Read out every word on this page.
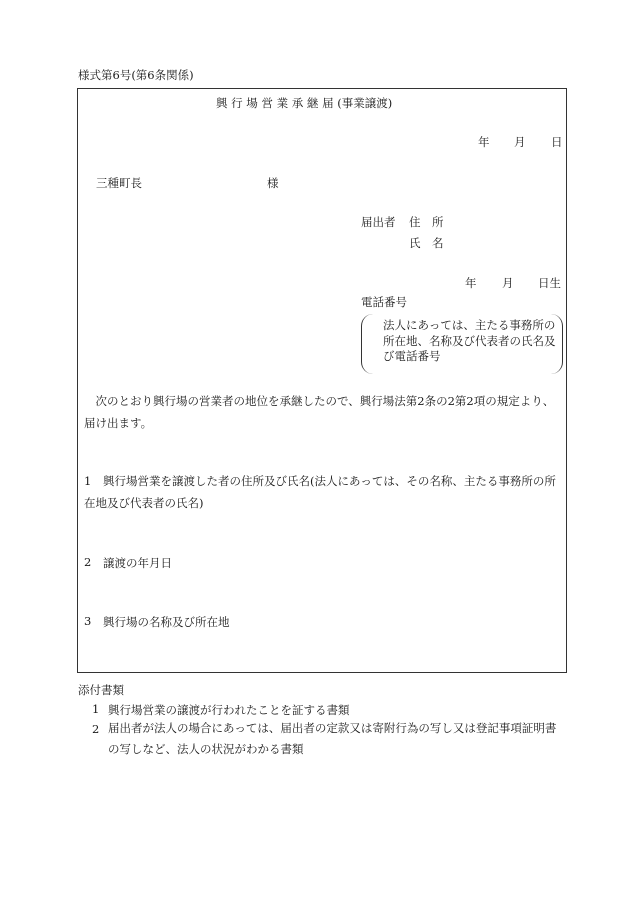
様式第6号(第6条関係)
興 行 場 営 業 承 継 届 (事業譲渡)
年 月 日
三種町長	様
届出者 住　所
氏　名
年 月 日生
電話番号
法人にあっては、主たる事務所の所在地、名称及び代表者の氏名及び電話番号
　次のとおり興行場の営業者の地位を承継したので、興行場法第2条の2第2項の規定より、届け出ます。
1	興行場営業を譲渡した者の住所及び氏名(法人にあっては、その名称、主たる事務所の所在地及び代表者の氏名)
2 譲渡の年月日
3 興行場の名称及び所在地
添付書類
1 興行場営業の譲渡が行われたことを証する書類
2 届出者が法人の場合にあっては、届出者の定款又は寄附行為の写し又は登記事項証明書の写しなど、法人の状況がわかる書類
